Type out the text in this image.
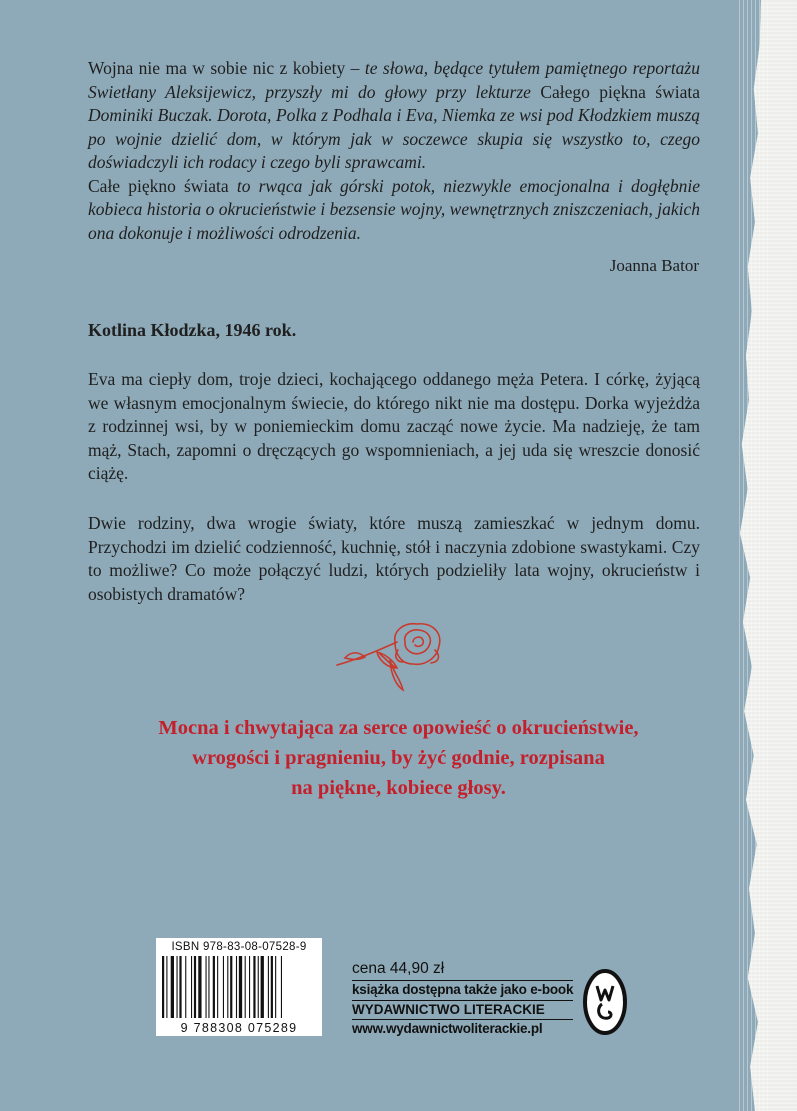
Wojna nie ma w sobie nic z kobiety – te słowa, będące tytułem pamiętnego reportażu Swietłany Aleksijewicz, przyszły mi do głowy przy lekturze Całego piękna świata Dominiki Buczak. Dorota, Polka z Podhala i Eva, Niemka ze wsi pod Kłodzkiem muszą po wojnie dzielić dom, w którym jak w soczewce skupia się wszystko to, czego doświadczyli ich rodacy i czego byli sprawcami.

Całe piękno świata to rwąca jak górski potok, niezwykle emocjonalna i dogłębnie kobieca historia o okrucieństwie i bezsensie wojny, wewnętrznych zniszczeniach, jakich ona dokonuje i możliwości odrodzenia.

Joanna Bator
Kotlina Kłodzka, 1946 rok.
Eva ma ciepły dom, troje dzieci, kochającego oddanego męża Petera. I córkę, żyjącą we własnym emocjonalnym świecie, do którego nikt nie ma dostępu. Dorka wyjeżdża z rodzinnej wsi, by w poniemieckim domu zacząć nowe życie. Ma nadzieję, że tam mąż, Stach, zapomni o dręczących go wspomnieniach, a jej uda się wreszcie donosić ciążę.
Dwie rodziny, dwa wrogie światy, które muszą zamieszkać w jednym domu. Przychodzi im dzielić codzienność, kuchnię, stół i naczynia zdobione swastykami. Czy to możliwe? Co może połączyć ludzi, których podzieliły lata wojny, okrucieństw i osobistych dramatów?
Mocna i chwytająca za serce opowieść o okrucieństwie,
wrogości i pragnieniu, by żyć godnie, rozpisana
na piękne, kobiece głosy.
ISBN 978-83-08-07528-9
9 788308 075289
cena 44,90 zł
książka dostępna także jako e-book
WYDAWNICTWO LITERACKIE
www.wydawnictwoliterackie.pl
